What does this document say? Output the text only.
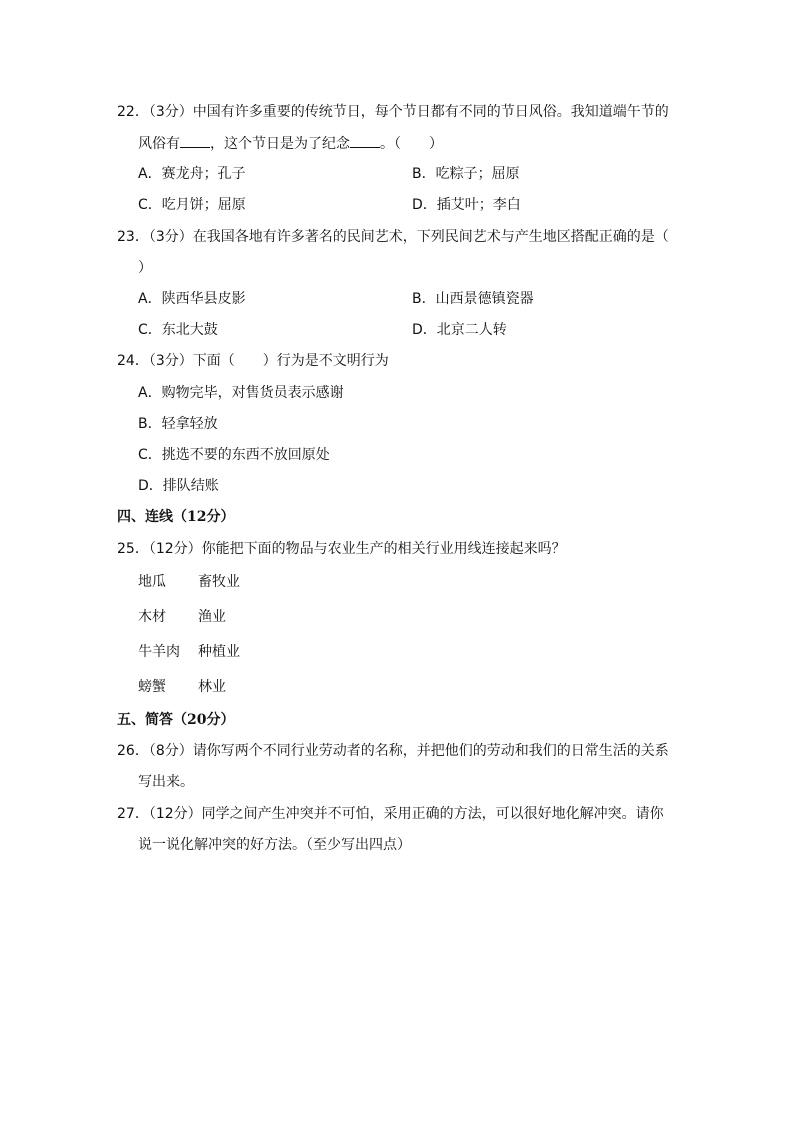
22．（3分）中国有许多重要的传统节日，每个节日都有不同的节日风俗。我知道端午节的
风俗有 ，这个节日是为了纪念 。（　　）
A．赛龙舟；孔子	B．吃粽子；屈原
C．吃月饼；屈原	D．插艾叶；李白
23．（3分）在我国各地有许多著名的民间艺术，下列民间艺术与产生地区搭配正确的是（
）
A．陕西华县皮影	B．山西景德镇瓷器
C．东北大鼓	D．北京二人转
24．（3分）下面（　　）行为是不文明行为
A．购物完毕，对售货员表示感谢
B．轻拿轻放
C．挑选不要的东西不放回原处
D．排队结账
四、连线（12分）
25．（12分）你能把下面的物品与农业生产的相关行业用线连接起来吗？
地瓜 畜牧业
木材 渔业
牛羊肉 种植业
螃蟹 林业
五、简答（20分）
26．（8分）请你写两个不同行业劳动者的名称，并把他们的劳动和我们的日常生活的关系
写出来。
27．（12分）同学之间产生冲突并不可怕，采用正确的方法，可以很好地化解冲突。请你
说一说化解冲突的好方法。（至少写出四点）
